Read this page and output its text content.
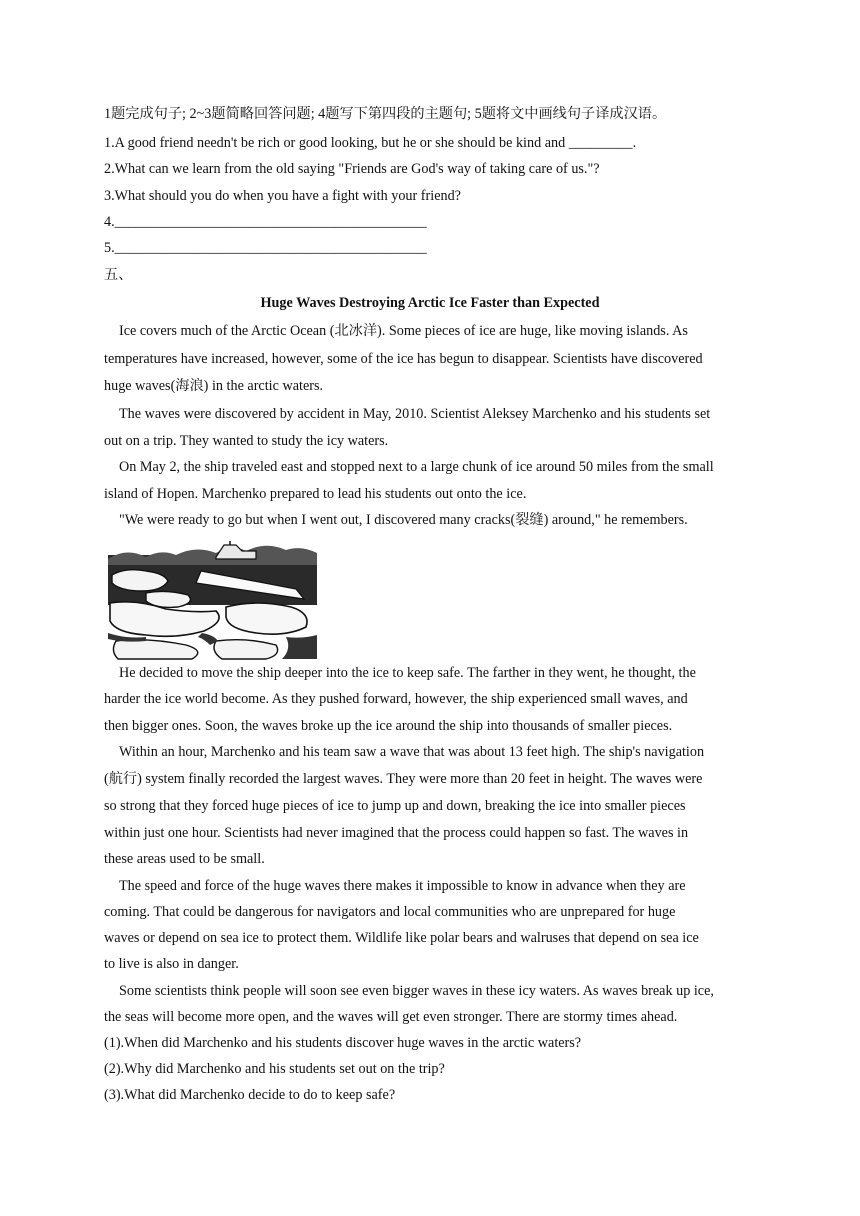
1题完成句子; 2~3题简略回答问题; 4题写下第四段的主题句; 5题将文中画线句子译成汉语。
1.A good friend needn't be rich or good looking, but he or she should be kind and _________.
2.What can we learn from the old saying "Friends are God's way of taking care of us."?
3.What should you do when you have a fight with your friend?
4.____________________________________________
5.____________________________________________
五、
Huge Waves Destroying Arctic Ice Faster than Expected
Ice covers much of the Arctic Ocean (北冰洋). Some pieces of ice are huge, like moving islands. As
temperatures have increased, however, some of the ice has begun to disappear. Scientists have discovered
huge waves(海浪) in the arctic waters.
The waves were discovered by accident in May, 2010. Scientist Aleksey Marchenko and his students set
out on a trip. They wanted to study the icy waters.
On May 2, the ship traveled east and stopped next to a large chunk of ice around 50 miles from the small
island of Hopen. Marchenko prepared to lead his students out onto the ice.
"We were ready to go but when I went out, I discovered many cracks(裂缝) around," he remembers.
He decided to move the ship deeper into the ice to keep safe. The farther in they went, he thought, the
harder the ice world become. As they pushed forward, however, the ship experienced small waves, and
then bigger ones. Soon, the waves broke up the ice around the ship into thousands of smaller pieces.
Within an hour, Marchenko and his team saw a wave that was about 13 feet high. The ship's navigation
(航行) system finally recorded the largest waves. They were more than 20 feet in height. The waves were
so strong that they forced huge pieces of ice to jump up and down, breaking the ice into smaller pieces
within just one hour. Scientists had never imagined that the process could happen so fast. The waves in
these areas used to be small.
The speed and force of the huge waves there makes it impossible to know in advance when they are
coming. That could be dangerous for navigators and local communities who are unprepared for huge
waves or depend on sea ice to protect them. Wildlife like polar bears and walruses that depend on sea ice
to live is also in danger.
Some scientists think people will soon see even bigger waves in these icy waters. As waves break up ice,
the seas will become more open, and the waves will get even stronger. There are stormy times ahead.
(1).When did Marchenko and his students discover huge waves in the arctic waters?
(2).Why did Marchenko and his students set out on the trip?
(3).What did Marchenko decide to do to keep safe?
